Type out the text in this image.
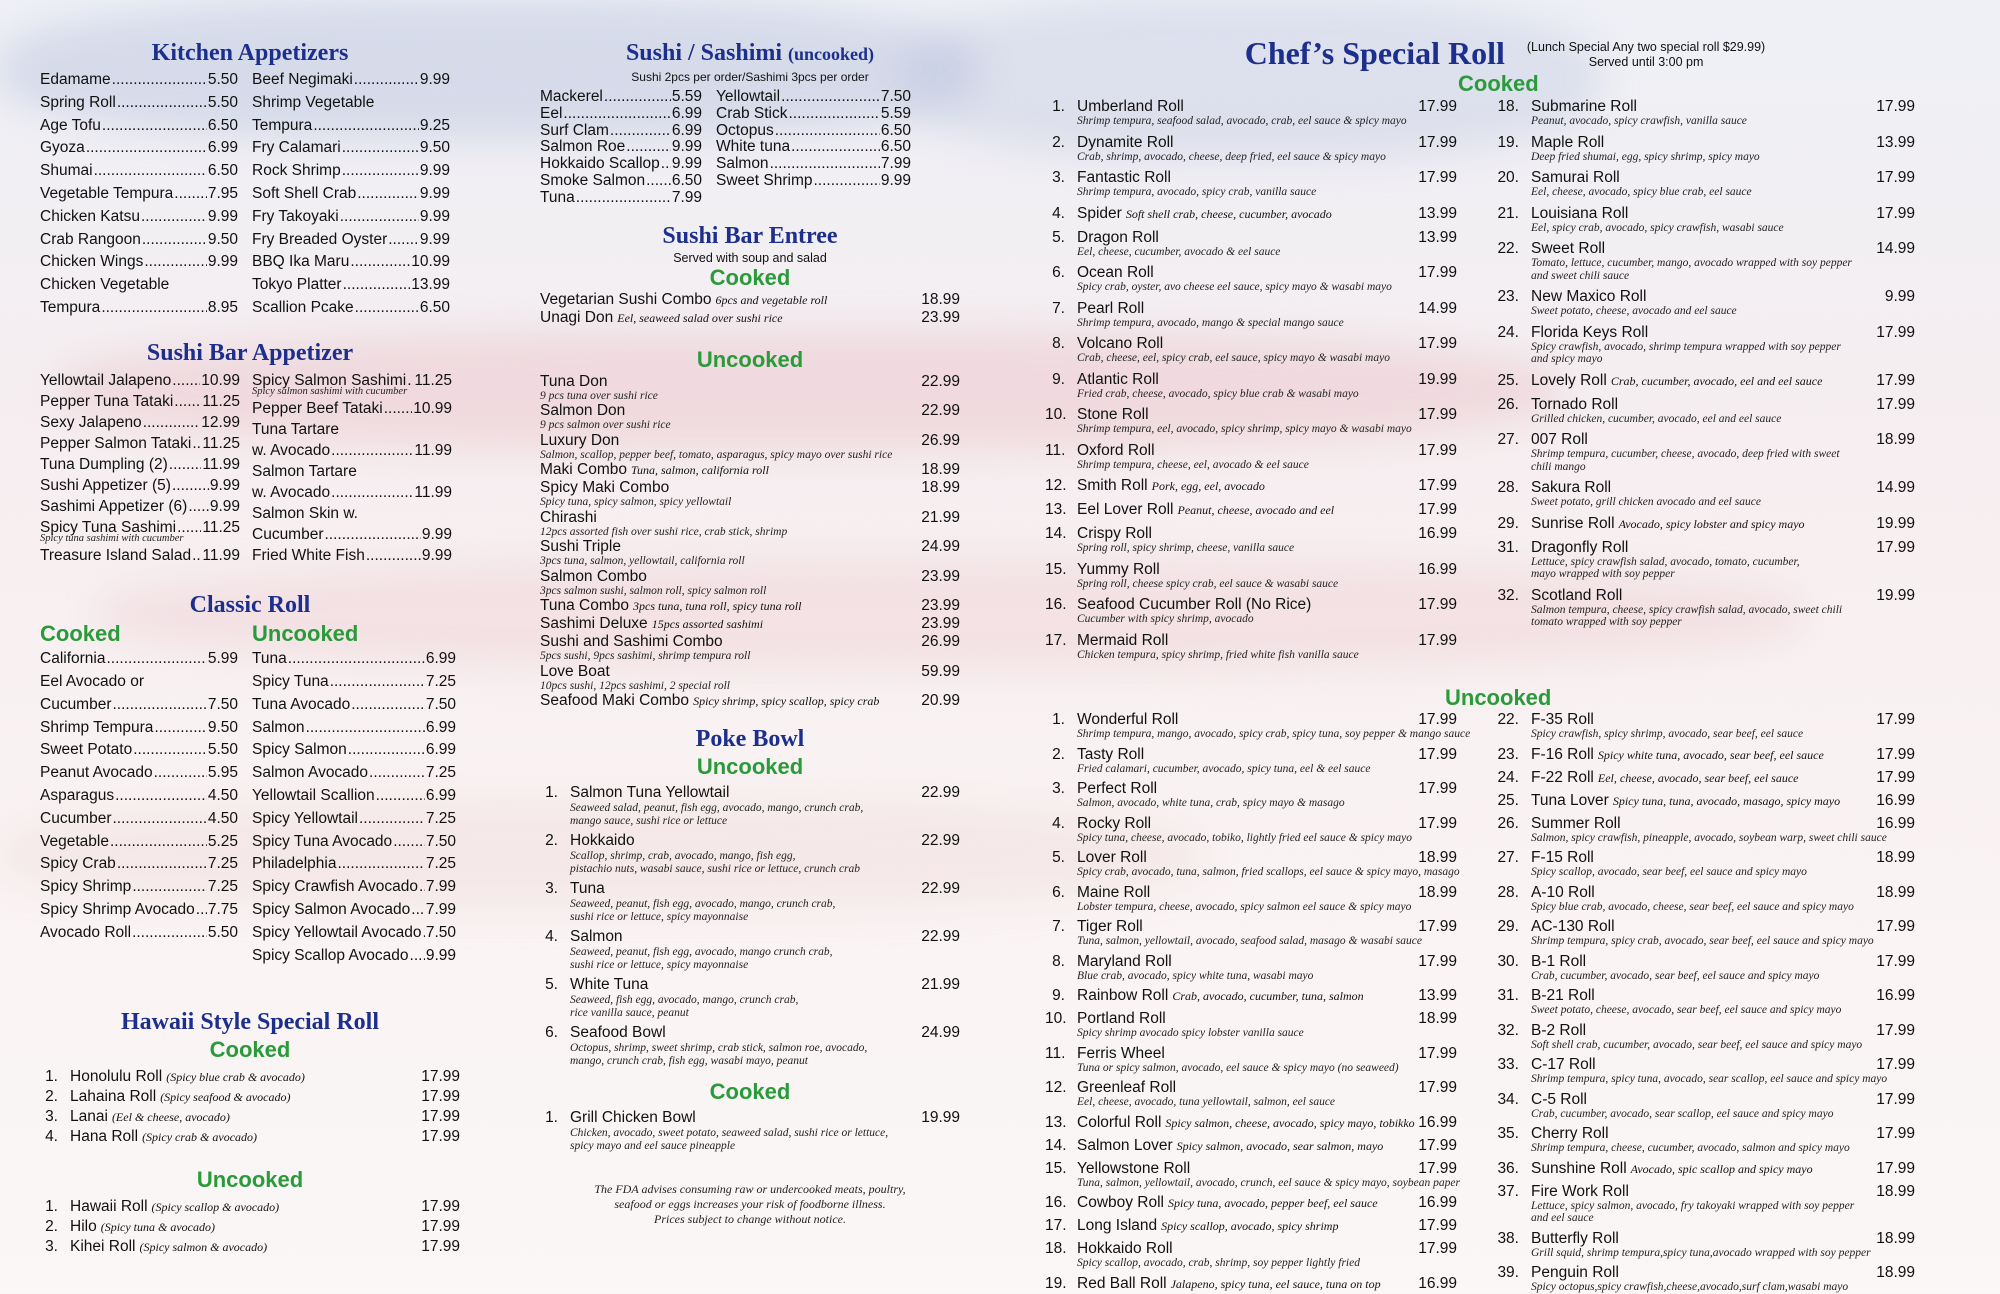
Kitchen Appetizers
Edamame .....	5.50
Spring Roll .....	5.50
Age Tofu .....	6.50
Gyoza .....	6.99
Shumai .....	6.50
Vegetable Tempura ..... 7.95
Chicken Katsu .....	9.99
Crab Rangoon .....	9.50
Chicken Wings .....	9.99
Chicken Vegetable
Tempura .....	8.95
Beef Negimaki .....	9.99
Shrimp Vegetable
Tempura .....	9.25
Fry Calamari .....	9.50
Rock Shrimp .....	9.99
Soft Shell Crab .....	9.99
Fry Takoyaki .....	9.99
Fry Breaded Oyster ..... 9.99
BBQ Ika Maru .....	10.99
Tokyo Platter .....	13.99
Scallion Pcake .....	6.50
Sushi Bar Appetizer
Yellowtail Jalapeno ..... 10.99
Pepper Tuna Tataki ..... 11.25
Sexy Jalapeno .....	12.99
Pepper Salmon Tataki ..... 11.25
Tuna Dumpling (2) ..... 11.99
Sushi Appetizer (5) .....	9.99
Sashimi Appetizer (6) ..... 9.99
Spicy Tuna Sashimi ..... 11.25
Spicy tuna sashimi with cucumber
Treasure Island Salad ..... 11.99
Spicy Salmon Sashimi ..... 11.25
Spicy salmon sashimi with cucumber
Pepper Beef Tataki ..... 10.99
Tuna Tartare
w. Avocado .....	11.99
Salmon Tartare
w. Avocado .....	11.99
Salmon Skin w.
Cucumber .....	9.99
Fried White Fish .....	9.99
Classic Roll
Cooked
California .....	5.99
Eel Avocado or
Cucumber .....	7.50
Shrimp Tempura .....	9.50
Sweet Potato .....	5.50
Peanut Avocado .....	5.95
Asparagus .....	4.50
Cucumber .....	4.50
Vegetable .....	5.25
Spicy Crab .....	7.25
Spicy Shrimp .....	7.25
Spicy Shrimp Avocado ..... 7.75
Avocado Roll .....	5.50
Uncooked
Tuna .....	6.99
Spicy Tuna .....	7.25
Tuna Avocado .....	7.50
Salmon .....	6.99
Spicy Salmon .....	6.99
Salmon Avocado .....	7.25
Yellowtail Scallion .....	6.99
Spicy Yellowtail .....	7.25
Spicy Tuna Avocado ..... 7.50
Philadelphia .....	7.25
Spicy Crawfish Avocado ..... 7.99
Spicy Salmon Avocado ..... 7.99
Spicy Yellowtail Avocado ..... 7.50
Spicy Scallop Avocado ..... 9.99
Hawaii Style Special Roll
Cooked
1. Honolulu Roll (Spicy blue crab & avocado)	17.99
2. Lahaina Roll (Spicy seafood & avocado)	17.99
3. Lanai (Eel & cheese, avocado)	17.99
4. Hana Roll (Spicy crab & avocado)	17.99
Uncooked
1. Hawaii Roll (Spicy scallop & avocado)	17.99
2. Hilo (Spicy tuna & avocado)	17.99
3. Kihei Roll (Spicy salmon & avocado)	17.99
Sushi / Sashimi (uncooked)
Sushi 2pcs per order/Sashimi 3pcs per order
Mackerel .....	5.59
Eel .....	6.99
Surf Clam .....	6.99
Salmon Roe .....	9.99
Hokkaido Scallop ..... 9.99
Smoke Salmon ..... 6.50
Tuna .....	7.99
Yellowtail .....	7.50
Crab Stick .....	5.59
Octopus .....	6.50
White tuna .....	6.50
Salmon .....	7.99
Sweet Shrimp .....	9.99
Sushi Bar Entree
Served with soup and salad
Cooked
Vegetarian Sushi Combo 6pcs and vegetable roll	18.99
Unagi Don Eel, seaweed salad over sushi rice	23.99
Uncooked
Tuna Don	22.99
9 pcs tuna over sushi rice
Salmon Don	22.99
9 pcs salmon over sushi rice
Luxury Don	26.99
Salmon, scallop, pepper beef, tomato, asparagus, spicy mayo over sushi rice
Maki Combo Tuna, salmon, california roll	18.99
Spicy Maki Combo	18.99
Spicy tuna, spicy salmon, spicy yellowtail
Chirashi	21.99
12pcs assorted fish over sushi rice, crab stick, shrimp
Sushi Triple	24.99
3pcs tuna, salmon, yellowtail, california roll
Salmon Combo	23.99
3pcs salmon sushi, salmon roll, spicy salmon roll
Tuna Combo 3pcs tuna, tuna roll, spicy tuna roll	23.99
Sashimi Deluxe 15pcs assorted sashimi	23.99
Sushi and Sashimi Combo	26.99
5pcs sushi, 9pcs sashimi, shrimp tempura roll
Love Boat	59.99
10pcs sushi, 12pcs sashimi, 2 special roll
Seafood Maki Combo Spicy shrimp, spicy scallop, spicy crab	20.99
Poke Bowl
Uncooked
1. Salmon Tuna Yellowtail	22.99
Seaweed salad, peanut, fish egg, avocado, mango, crunch crab,
mango sauce, sushi rice or lettuce
2. Hokkaido	22.99
Scallop, shrimp, crab, avocado, mango, fish egg,
pistachio nuts, wasabi sauce, sushi rice or lettuce, crunch crab
3. Tuna	22.99
Seaweed, peanut, fish egg, avocado, mango, crunch crab,
sushi rice or lettuce, spicy mayonnaise
4. Salmon	22.99
Seaweed, peanut, fish egg, avocado, mango crunch crab,
sushi rice or lettuce, spicy mayonnaise
5. White Tuna	21.99
Seaweed, fish egg, avocado, mango, crunch crab,
rice vanilla sauce, peanut
6. Seafood Bowl	24.99
Octopus, shrimp, sweet shrimp, crab stick, salmon roe, avocado,
mango, crunch crab, fish egg, wasabi mayo, peanut
Cooked
1. Grill Chicken Bowl	19.99
Chicken, avocado, sweet potato, seaweed salad, sushi rice or lettuce,
spicy mayo and eel sauce pineapple
The FDA advises consuming raw or undercooked meats, poultry,
seafood or eggs increases your risk of foodborne illness.
Prices subject to change without notice.
Chef’s Special Roll (Lunch Special Any two special roll $29.99)
Served until 3:00 pm
Cooked
1. Umberland Roll	17.99
Shrimp tempura, seafood salad, avocado, crab, eel sauce & spicy mayo
2. Dynamite Roll	17.99
Crab, shrimp, avocado, cheese, deep fried, eel sauce & spicy mayo
3. Fantastic Roll	17.99
Shrimp tempura, avocado, spicy crab, vanilla sauce
4. Spider Soft shell crab, cheese, cucumber, avocado	13.99
5. Dragon Roll	13.99
Eel, cheese, cucumber, avocado & eel sauce
6. Ocean Roll	17.99
Spicy crab, oyster, avo cheese eel sauce, spicy mayo & wasabi mayo
7. Pearl Roll	14.99
Shrimp tempura, avocado, mango & special mango sauce
8. Volcano Roll	17.99
Crab, cheese, eel, spicy crab, eel sauce, spicy mayo & wasabi mayo
9. Atlantic Roll	19.99
Fried crab, cheese, avocado, spicy blue crab & wasabi mayo
10. Stone Roll	17.99
Shrimp tempura, eel, avocado, spicy shrimp, spicy mayo & wasabi mayo
11. Oxford Roll	17.99
Shrimp tempura, cheese, eel, avocado & eel sauce
12. Smith Roll Pork, egg, eel, avocado	17.99
13. Eel Lover Roll Peanut, cheese, avocado and eel	17.99
14. Crispy Roll	16.99
Spring roll, spicy shrimp, cheese, vanilla sauce
15. Yummy Roll	16.99
Spring roll, cheese spicy crab, eel sauce & wasabi sauce
16. Seafood Cucumber Roll (No Rice)	17.99
Cucumber with spicy shrimp, avocado
17. Mermaid Roll	17.99
Chicken tempura, spicy shrimp, fried white fish vanilla sauce
18. Submarine Roll	17.99
Peanut, avocado, spicy crawfish, vanilla sauce
19. Maple Roll	13.99
Deep fried shumai, egg, spicy shrimp, spicy mayo
20. Samurai Roll	17.99
Eel, cheese, avocado, spicy blue crab, eel sauce
21. Louisiana Roll	17.99
Eel, spicy crab, avocado, spicy crawfish, wasabi sauce
22. Sweet Roll	14.99
Tomato, lettuce, cucumber, mango, avocado wrapped with soy pepper
and sweet chili sauce
23. New Maxico Roll	9.99
Sweet potato, cheese, avocado and eel sauce
24. Florida Keys Roll	17.99
Spicy crawfish, avocado, shrimp tempura wrapped with soy pepper
and spicy mayo
25. Lovely Roll Crab, cucumber, avocado, eel and eel sauce	17.99
26. Tornado Roll	17.99
Grilled chicken, cucumber, avocado, eel and eel sauce
27. 007 Roll	18.99
Shrimp tempura, cucumber, cheese, avocado, deep fried with sweet
chili mango
28. Sakura Roll	14.99
Sweet potato, grill chicken avocado and eel sauce
29. Sunrise Roll Avocado, spicy lobster and spicy mayo	19.99
31. Dragonfly Roll	17.99
Lettuce, spicy crawfish salad, avocado, tomato, cucumber,
mayo wrapped with soy pepper
32. Scotland Roll	19.99
Salmon tempura, cheese, spicy crawfish salad, avocado, sweet chili
tomato wrapped with soy pepper
Uncooked
1. Wonderful Roll	17.99
Shrimp tempura, mango, avocado, spicy crab, spicy tuna, soy pepper & mango sauce
2. Tasty Roll	17.99
Fried calamari, cucumber, avocado, spicy tuna, eel & eel sauce
3. Perfect Roll	17.99
Salmon, avocado, white tuna, crab, spicy mayo & masago
4. Rocky Roll	17.99
Spicy tuna, cheese, avocado, tobiko, lightly fried eel sauce & spicy mayo
5. Lover Roll	18.99
Spicy crab, avocado, tuna, salmon, fried scallops, eel sauce & spicy mayo, masago
6. Maine Roll	18.99
Lobster tempura, cheese, avocado, spicy salmon eel sauce & spicy mayo
7. Tiger Roll	17.99
Tuna, salmon, yellowtail, avocado, seafood salad, masago & wasabi sauce
8. Maryland Roll	17.99
Blue crab, avocado, spicy white tuna, wasabi mayo
9. Rainbow Roll Crab, avocado, cucumber, tuna, salmon	13.99
10. Portland Roll	18.99
Spicy shrimp avocado spicy lobster vanilla sauce
11. Ferris Wheel	17.99
Tuna or spicy salmon, avocado, eel sauce & spicy mayo (no seaweed)
12. Greenleaf Roll	17.99
Eel, cheese, avocado, tuna yellowtail, salmon, eel sauce
13. Colorful Roll Spicy salmon, cheese, avocado, spicy mayo, tobikko 16.99
14. Salmon Lover Spicy salmon, avocado, sear salmon, mayo 17.99
15. Yellowstone Roll	17.99
Tuna, salmon, yellowtail, avocado, crunch, eel sauce & spicy mayo, soybean paper
16. Cowboy Roll Spicy tuna, avocado, pepper beef, eel sauce	16.99
17. Long Island Spicy scallop, avocado, spicy shrimp	17.99
18. Hokkaido Roll	17.99
Spicy scallop, avocado, crab, shrimp, soy pepper lightly fried
19. Red Ball Roll Jalapeno, spicy tuna, eel sauce, tuna on top 16.99
22. F-35 Roll	17.99
Spicy crawfish, spicy shrimp, avocado, sear beef, eel sauce
23. F-16 Roll Spicy white tuna, avocado, sear beef, eel sauce	17.99
24. F-22 Roll Eel, cheese, avocado, sear beef, eel sauce	17.99
25. Tuna Lover Spicy tuna, tuna, avocado, masago, spicy mayo 16.99
26. Summer Roll	16.99
Salmon, spicy crawfish, pineapple, avocado, soybean warp, sweet chili sauce
27. F-15 Roll	18.99
Spicy scallop, avocado, sear beef, eel sauce and spicy mayo
28. A-10 Roll	18.99
Spicy blue crab, avocado, cheese, sear beef, eel sauce and spicy mayo
29. AC-130 Roll	17.99
Shrimp tempura, spicy crab, avocado, sear beef, eel sauce and spicy mayo
30. B-1 Roll	17.99
Crab, cucumber, avocado, sear beef, eel sauce and spicy mayo
31. B-21 Roll	16.99
Sweet potato, cheese, avocado, sear beef, eel sauce and spicy mayo
32. B-2 Roll	17.99
Soft shell crab, cucumber, avocado, sear beef, eel sauce and spicy mayo
33. C-17 Roll	17.99
Shrimp tempura, spicy tuna, avocado, sear scallop, eel sauce and spicy mayo
34. C-5 Roll	17.99
Crab, cucumber, avocado, sear scallop, eel sauce and spicy mayo
35. Cherry Roll	17.99
Shrimp tempura, cheese, cucumber, avocado, salmon and spicy mayo
36. Sunshine Roll Avocado, spic scallop and spicy mayo	17.99
37. Fire Work Roll	18.99
Lettuce, spicy salmon, avocado, fry takoyaki wrapped with soy pepper
and eel sauce
38. Butterfly Roll	18.99
Grill squid, shrimp tempura,spicy tuna,avocado wrapped with soy pepper
39. Penguin Roll	18.99
Spicy octopus,spicy crawfish,cheese,avocado,surf clam,wasabi mayo
